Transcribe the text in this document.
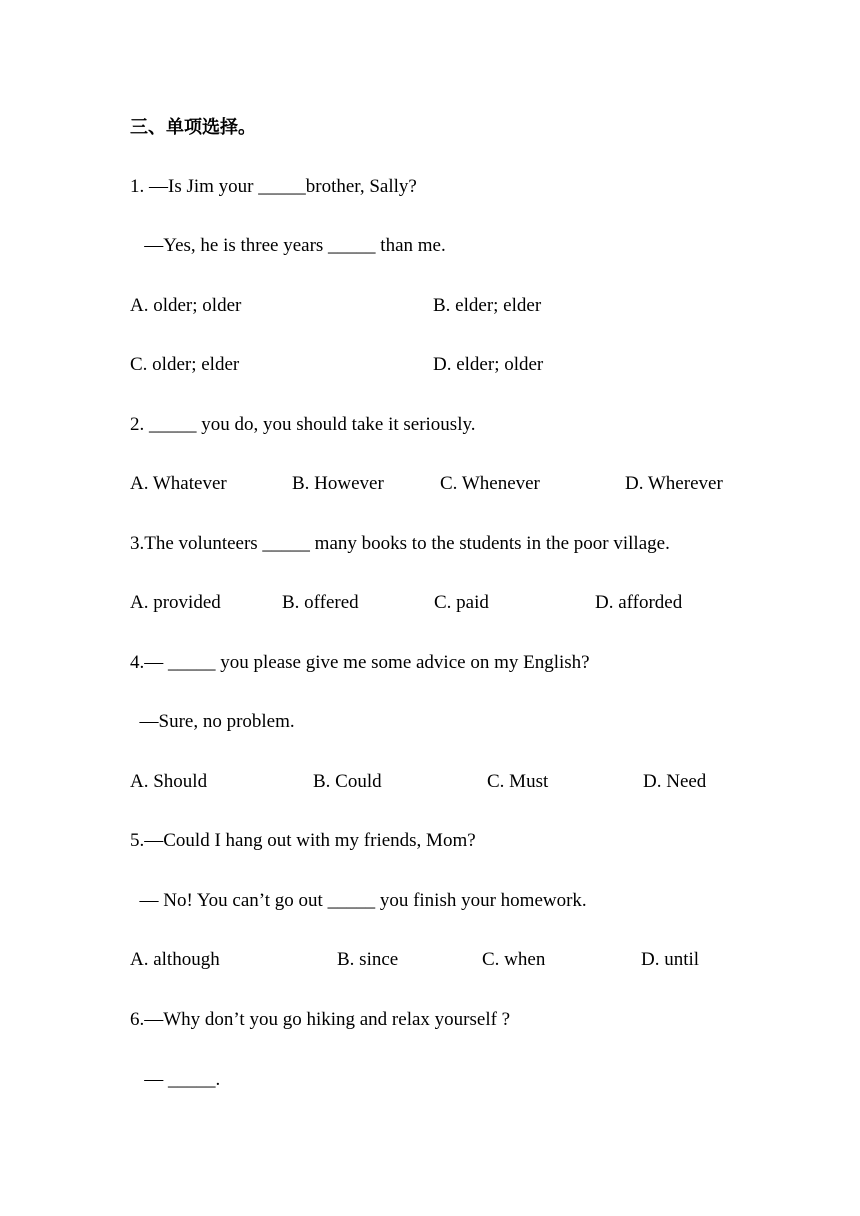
三、单项选择。
1. —Is Jim your _____brother, Sally?
—Yes, he is three years _____ than me.
A. older; older	B. elder; elder
C. older; elder	D. elder; older
2. _____ you do, you should take it seriously.
A. Whatever	B. However	C. Whenever	D. Wherever
3.The volunteers _____ many books to the students in the poor village.
A. provided	B. offered	C. paid	D. afforded
4.— _____ you please give me some advice on my English?
—Sure, no problem.
A. Should	B. Could	C. Must	D. Need
5.—Could I hang out with my friends, Mom?
— No! You can’t go out _____ you finish your homework.
A. although	B. since	C. when	D. until
6.—Why don’t you go hiking and relax yourself ?
— _____.
